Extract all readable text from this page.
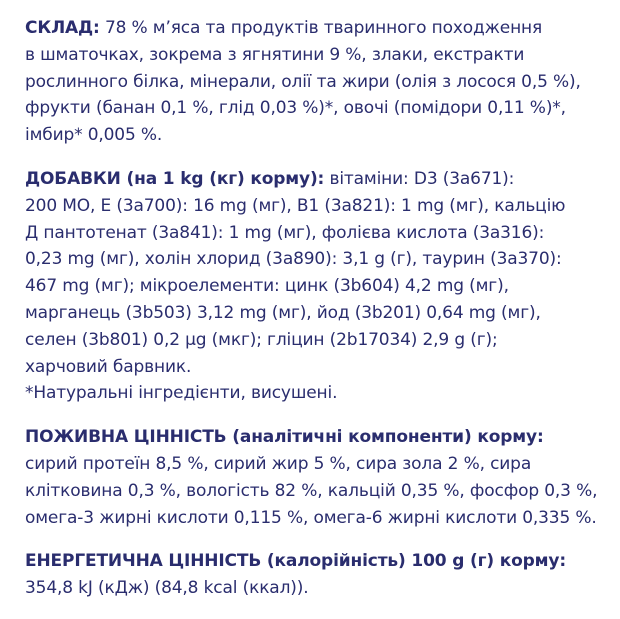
СКЛАД: 78 % м’яса та продуктів тваринного походження
в шматочках, зокрема з ягнятини 9 %, злаки, екстракти
рослинного білка, мінерали, олії та жири (олія з лосося 0,5 %),
фрукти (банан 0,1 %, глід 0,03 %)*, овочі (помідори 0,11 %)*,
імбир* 0,005 %.

ДОБАВКИ (на 1 kg (кг) корму): вітаміни: D3 (3а671):
200 МО, Е (3а700): 16 mg (мг), В1 (3а821): 1 mg (мг), кальцію
Д пантотенат (3а841): 1 mg (мг), фолієва кислота (3а316):
0,23 mg (мг), холін хлорид (3а890): 3,1 g (г), таурин (3а370):
467 mg (мг); мікроелементи: цинк (3b604) 4,2 mg (мг),
марганець (3b503) 3,12 mg (мг), йод (3b201) 0,64 mg (мг),
селен (3b801) 0,2 µg (мкг); гліцин (2b17034) 2,9 g (г);
харчовий барвник.
*Натуральні інгредієнти, висушені.

ПОЖИВНА ЦІННІСТЬ (аналітичні компоненти) корму:
сирий протеїн 8,5 %, сирий жир 5 %, сира зола 2 %, сира
клітковина 0,3 %, вологість 82 %, кальцій 0,35 %, фосфор 0,3 %,
омега-3 жирні кислоти 0,115 %, омега-6 жирні кислоти 0,335 %.

ЕНЕРГЕТИЧНА ЦІННІСТЬ (калорійність) 100 g (г) корму:
354,8 kJ (кДж) (84,8 kcal (ккал)).
